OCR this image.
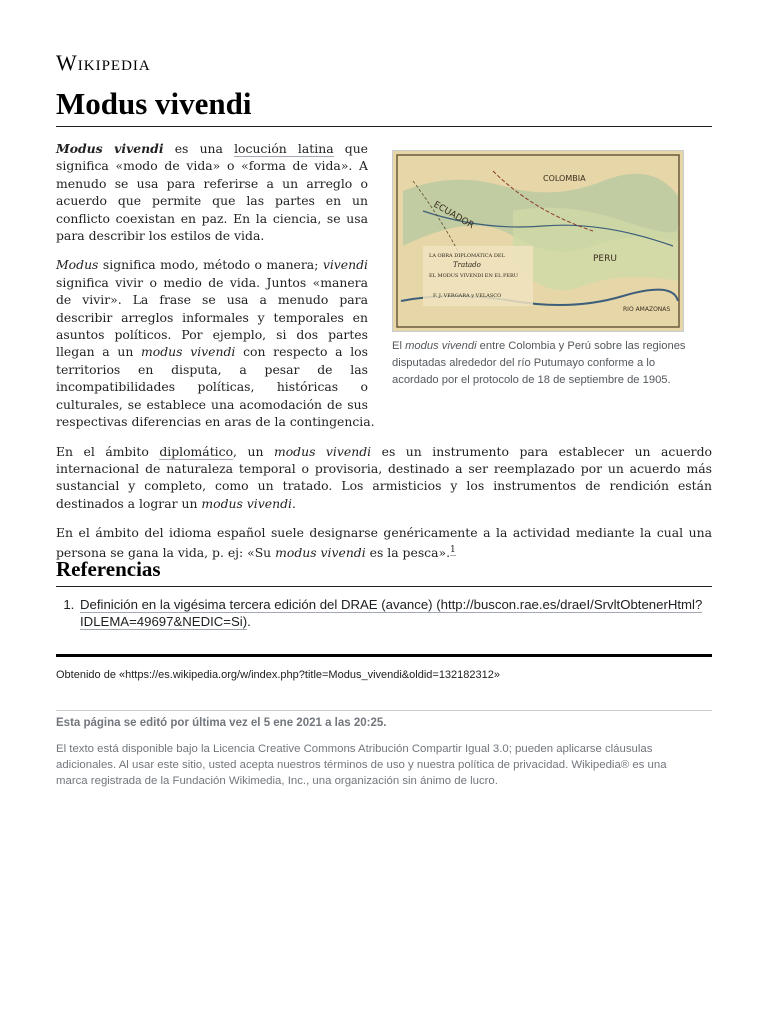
Wikipedia
Modus vivendi
COLOMBIA
ECUADOR
PERU
RIO AMAZONAS
LA OBRA DIPLOMÁTICA DEL
Tratado
EL MODUS VIVENDI EN EL PERU
F. J. VERGARA y VELASCO
El modus vivendi entre Colombia y Perú sobre las regiones disputadas alrededor del río Putumayo conforme a lo acordado por el protocolo de 18 de septiembre de 1905.

Modus vivendi es una locución latina que significa «modo de vida» o «forma de vida». A menudo se usa para referirse a un arreglo o acuerdo que permite que las partes en un conflicto coexistan en paz. En la ciencia, se usa para describir los estilos de vida.

Modus significa modo, método o manera; vivendi significa vivir o medio de vida. Juntos «manera de vivir». La frase se usa a menudo para describir arreglos informales y temporales en asuntos políticos. Por ejemplo, si dos partes llegan a un modus vivendi con respecto a los territorios en disputa, a pesar de las incompatibilidades políticas, históricas o culturales, se establece una acomodación de sus respectivas diferencias en aras de la contingencia.

En el ámbito diplomático, un modus vivendi es un instrumento para establecer un acuerdo internacional de naturaleza temporal o provisoria, destinado a ser reemplazado por un acuerdo más sustancial y completo, como un tratado. Los armisticios y los instrumentos de rendición están destinados a lograr un modus vivendi.

En el ámbito del idioma español suele designarse genéricamente a la actividad mediante la cual una persona se gana la vida, p. ej: «Su modus vivendi es la pesca».$^1$

Referencias
1. Definición en la vigésima tercera edición del DRAE (avance) (http://buscon.rae.es/draeI/SrvltObtenerHtml?IDLEMA=49697&NEDIC=Si).
Obtenido de «https://es.wikipedia.org/w/index.php?title=Modus_vivendi&oldid=132182312»
Esta página se editó por última vez el 5 ene 2021 a las 20:25.
El texto está disponible bajo la Licencia Creative Commons Atribución Compartir Igual 3.0; pueden aplicarse cláusulas adicionales. Al usar este sitio, usted acepta nuestros términos de uso y nuestra política de privacidad. Wikipedia® es una marca registrada de la Fundación Wikimedia, Inc., una organización sin ánimo de lucro.
